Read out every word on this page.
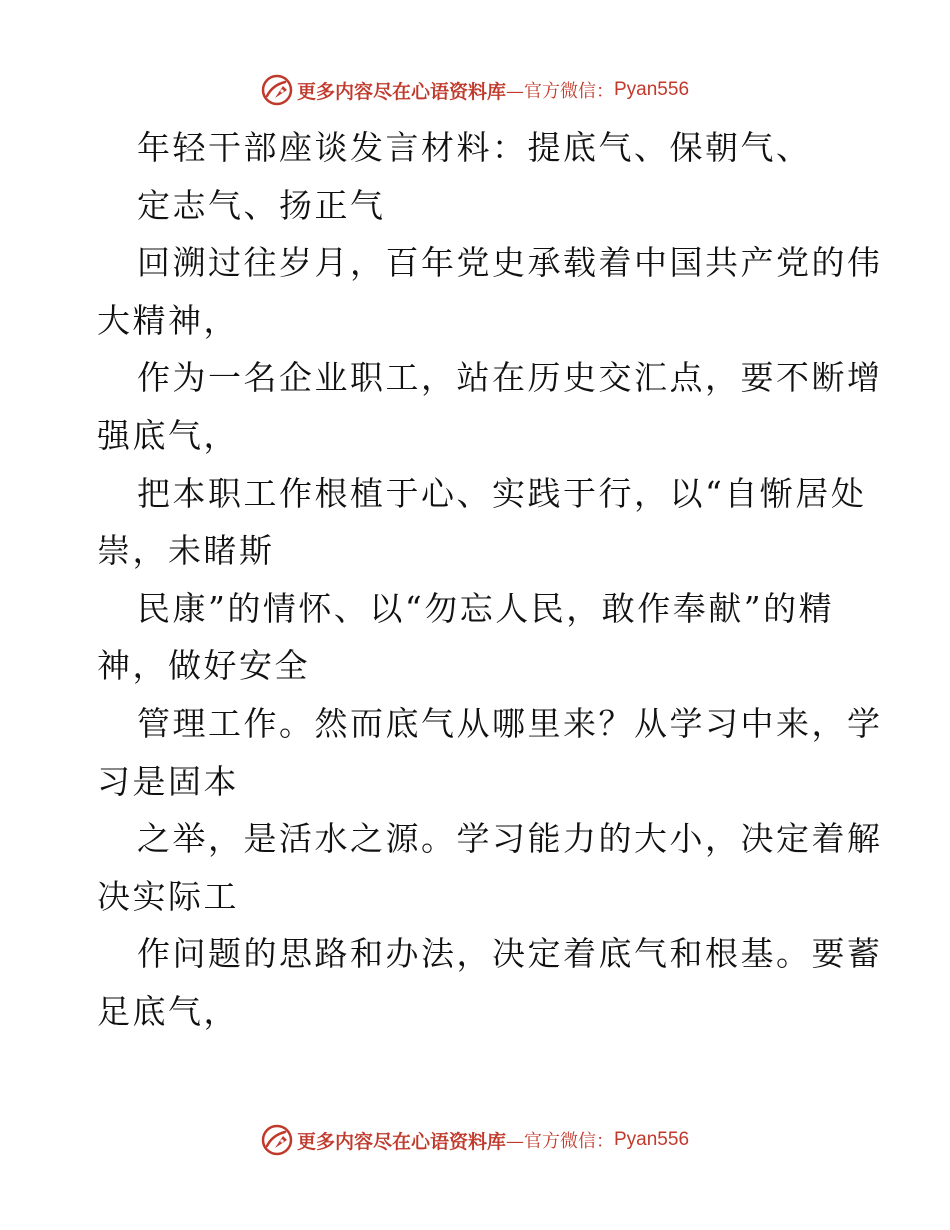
更多内容尽在心语资料库 —官方微信： Pyan556
年轻干部座谈发言材料：提底气、保朝气、
定志气、扬正气
回溯过往岁月，百年党史承载着中国共产党的伟
大精神，
作为一名企业职工，站在历史交汇点，要不断增
强底气，
把本职工作根植于心、实践于行，以“自惭居处
崇，未睹斯
民康”的情怀、以“勿忘人民，敢作奉献”的精
神，做好安全
管理工作。然而底气从哪里来？从学习中来，学
习是固本
之举，是活水之源。学习能力的大小，决定着解
决实际工
作问题的思路和办法，决定着底气和根基。要蓄
足底气，
更多内容尽在心语资料库 —官方微信： Pyan556
